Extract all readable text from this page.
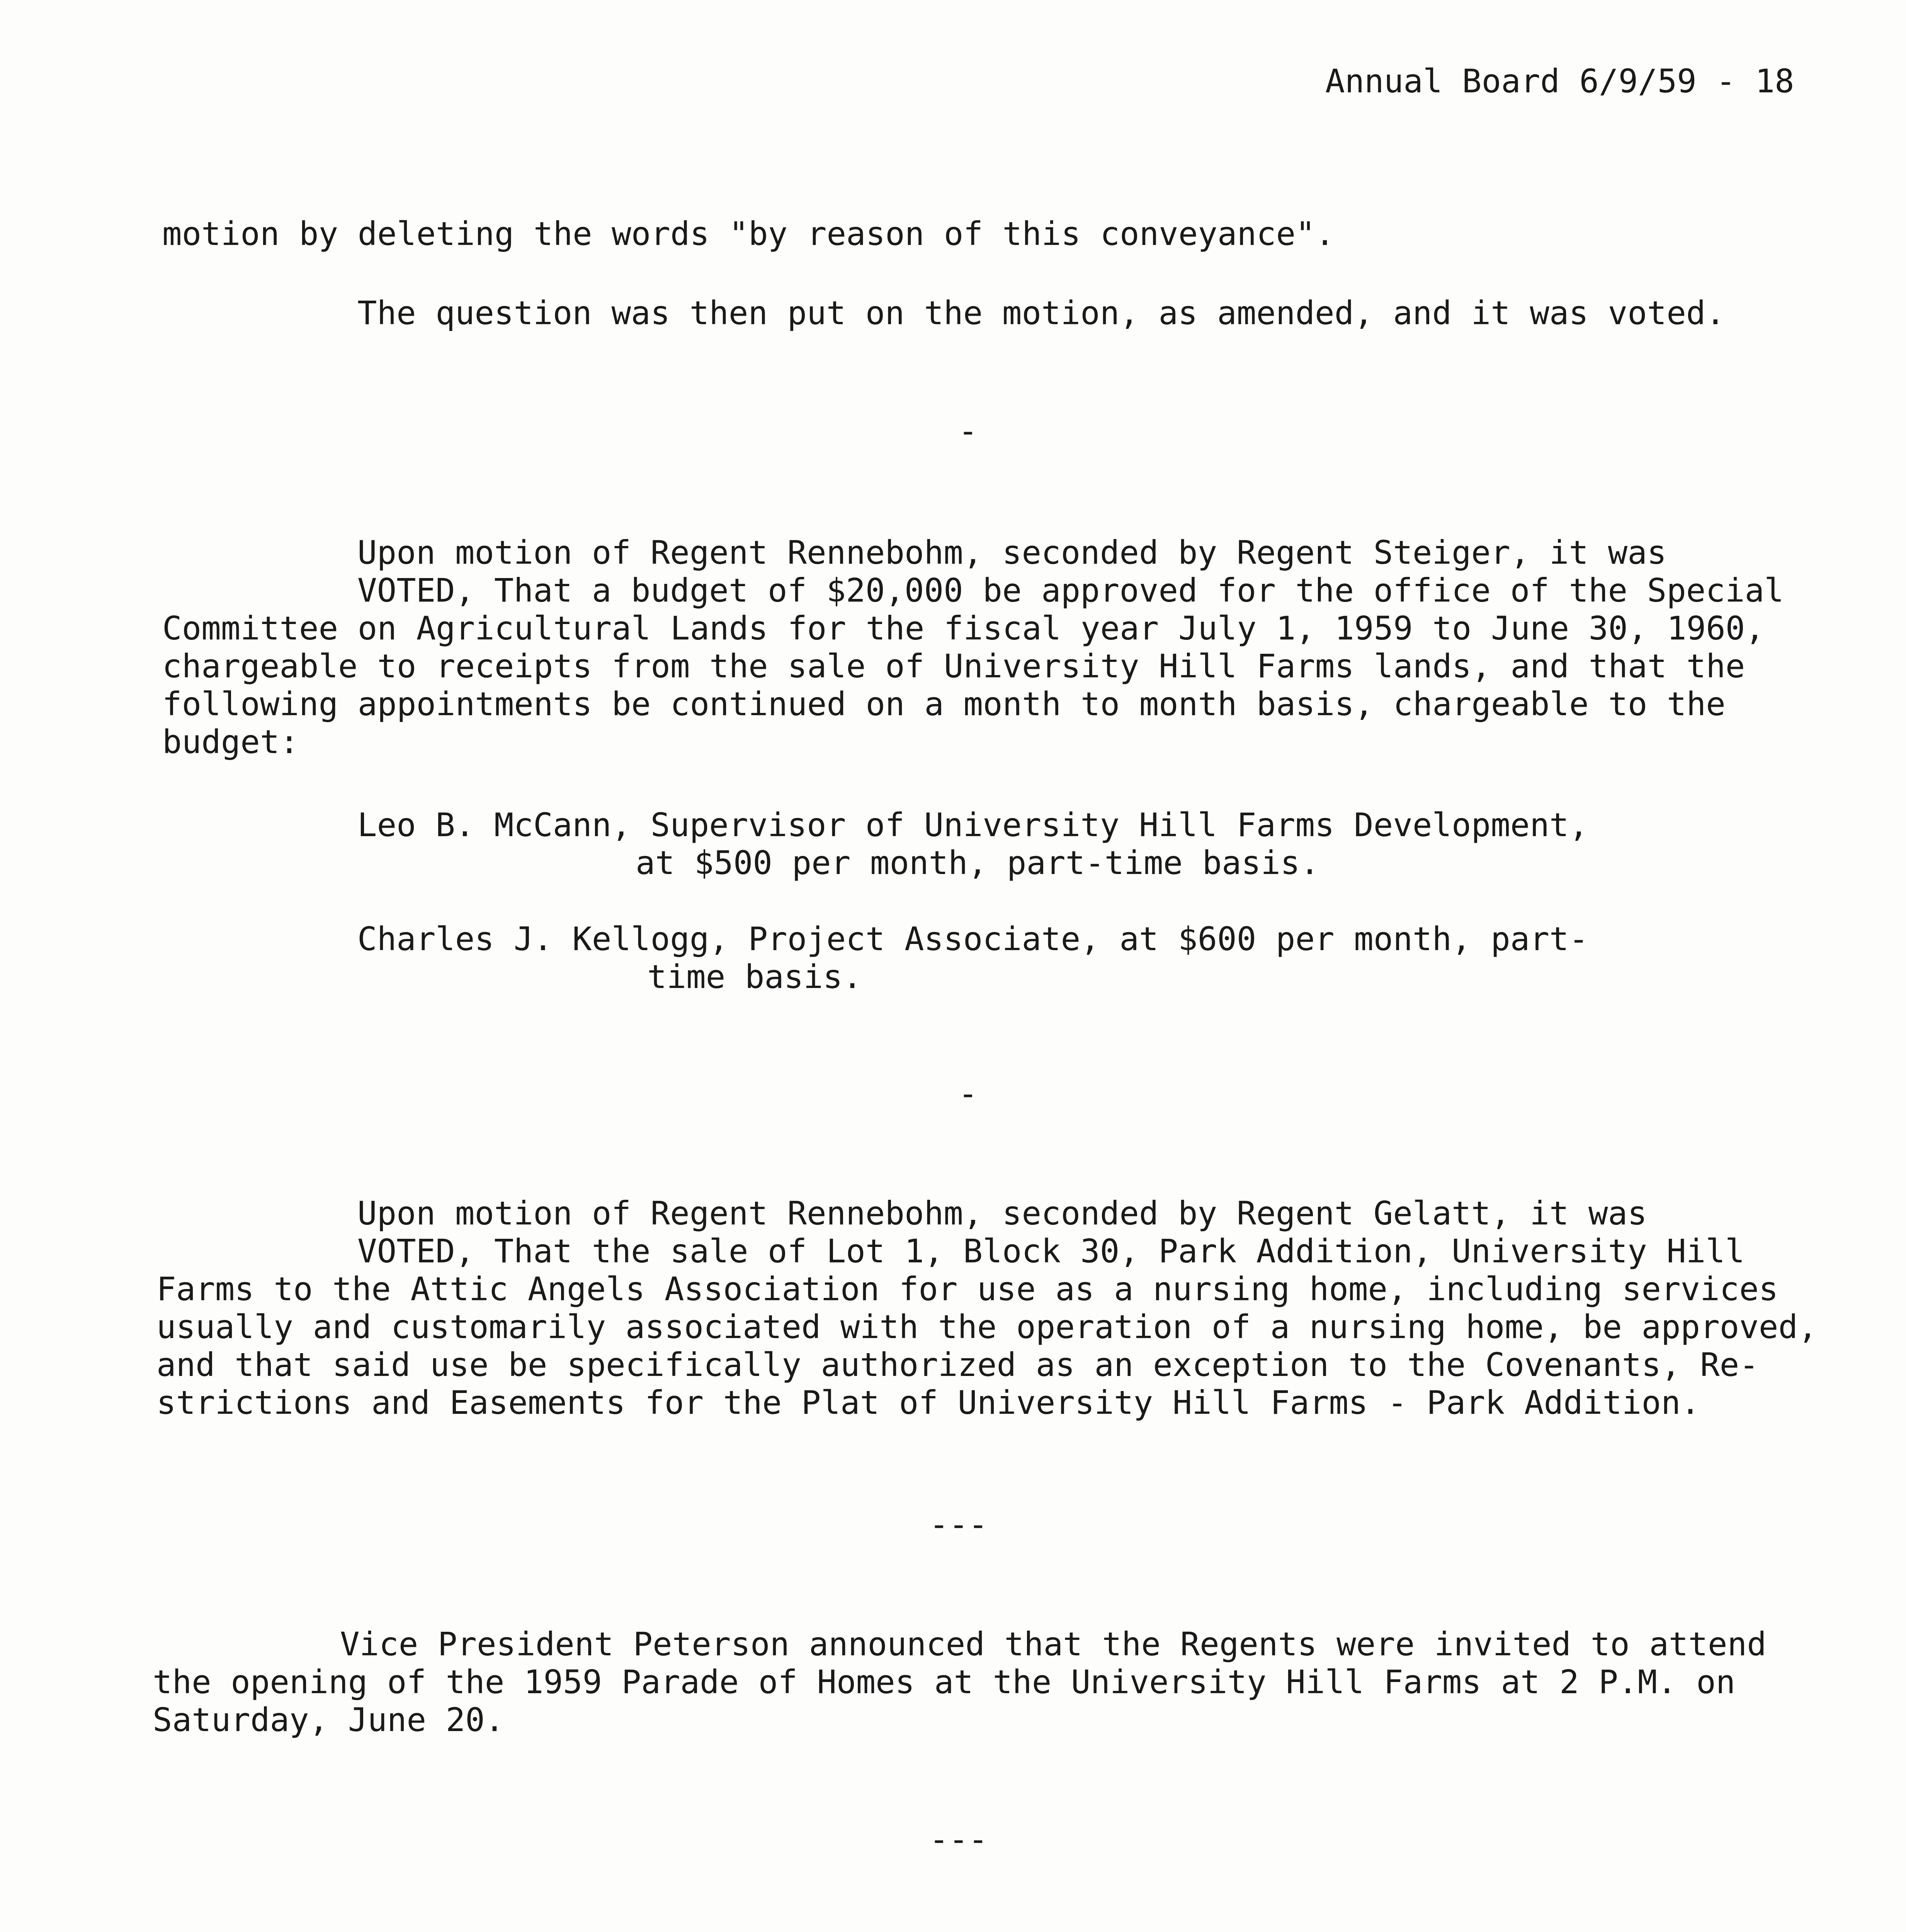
Annual Board 6/9/59 - 18
motion by deleting the words "by reason of this conveyance".
The question was then put on the motion, as amended, and it was voted.
-
Upon motion of Regent Rennebohm, seconded by Regent Steiger, it was
VOTED, That a budget of $20,000 be approved for the office of the Special
Committee on Agricultural Lands for the fiscal year July 1, 1959 to June 30, 1960,
chargeable to receipts from the sale of University Hill Farms lands, and that the
following appointments be continued on a month to month basis, chargeable to the
budget:
Leo B. McCann, Supervisor of University Hill Farms Development,
at $500 per month, part-time basis.
Charles J. Kellogg, Project Associate, at $600 per month, part-
time basis.
-
Upon motion of Regent Rennebohm, seconded by Regent Gelatt, it was
VOTED, That the sale of Lot 1, Block 30, Park Addition, University Hill
Farms to the Attic Angels Association for use as a nursing home, including services
usually and customarily associated with the operation of a nursing home, be approved,
and that said use be specifically authorized as an exception to the Covenants, Re-
strictions and Easements for the Plat of University Hill Farms - Park Addition.
---
Vice President Peterson announced that the Regents were invited to attend
the opening of the 1959 Parade of Homes at the University Hill Farms at 2 P.M. on
Saturday, June 20.
---
